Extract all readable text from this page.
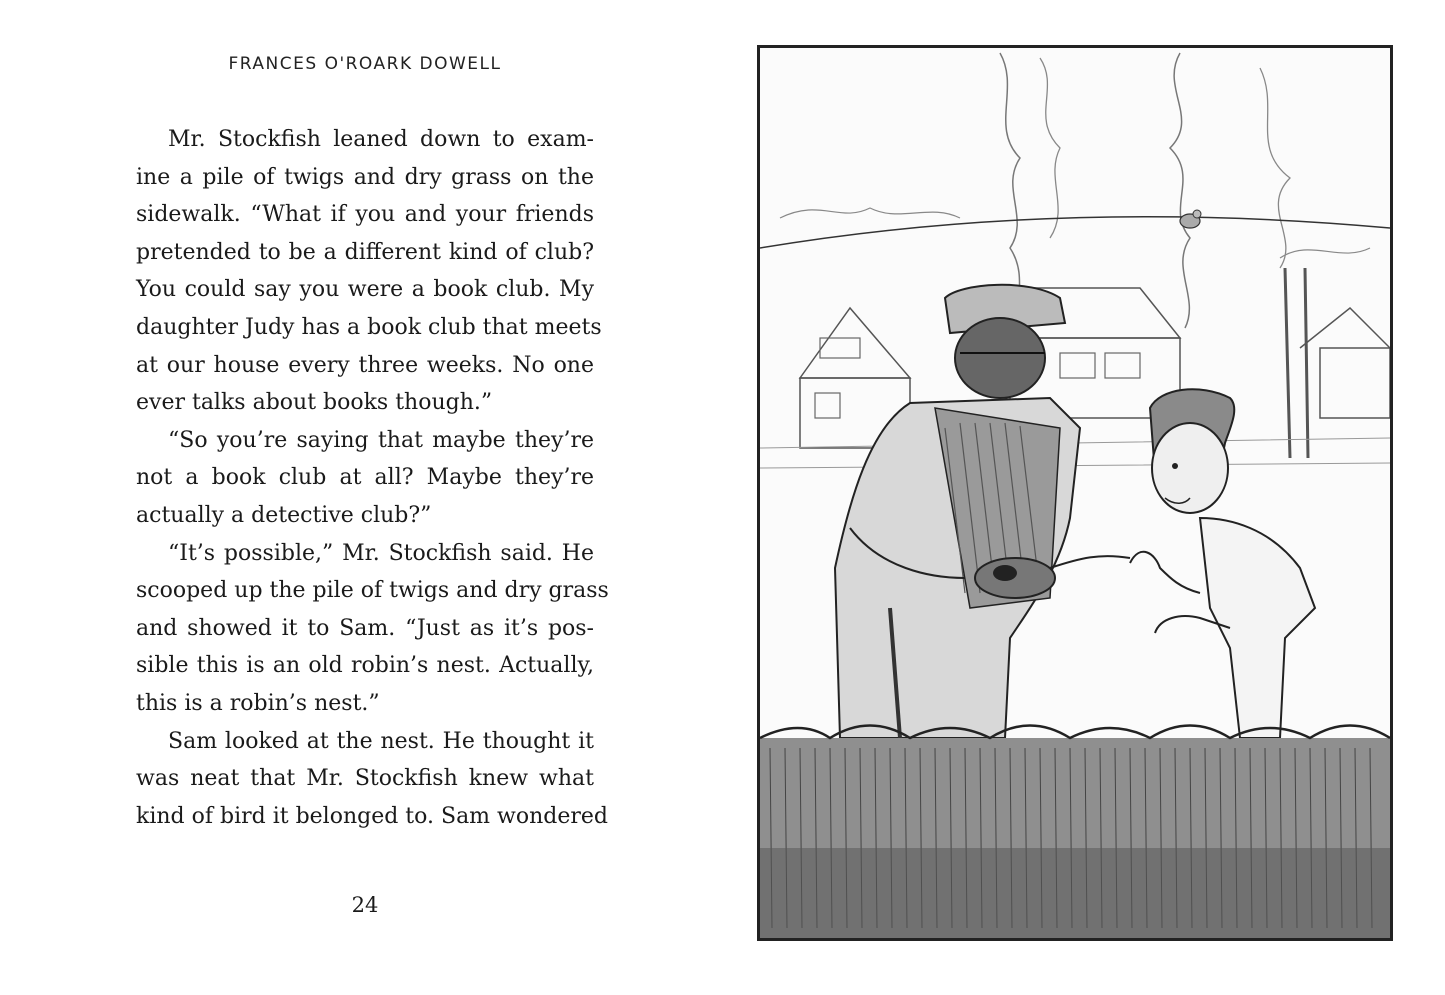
FRANCES O'ROARK DOWELL
Mr. Stockfish leaned down to exam-
ine a pile of twigs and dry grass on the
sidewalk. “What if you and your friends
pretended to be a different kind of club?
You could say you were a book club. My
daughter Judy has a book club that meets
at our house every three weeks. No one
ever talks about books though.”
“So you’re saying that maybe they’re
not a book club at all? Maybe they’re
actually a detective club?”
“It’s possible,” Mr. Stockfish said. He
scooped up the pile of twigs and dry grass
and showed it to Sam. “Just as it’s pos-
sible this is an old robin’s nest. Actually,
this is a robin’s nest.”
Sam looked at the nest. He thought it
was neat that Mr. Stockfish knew what
kind of bird it belonged to. Sam wondered
24
